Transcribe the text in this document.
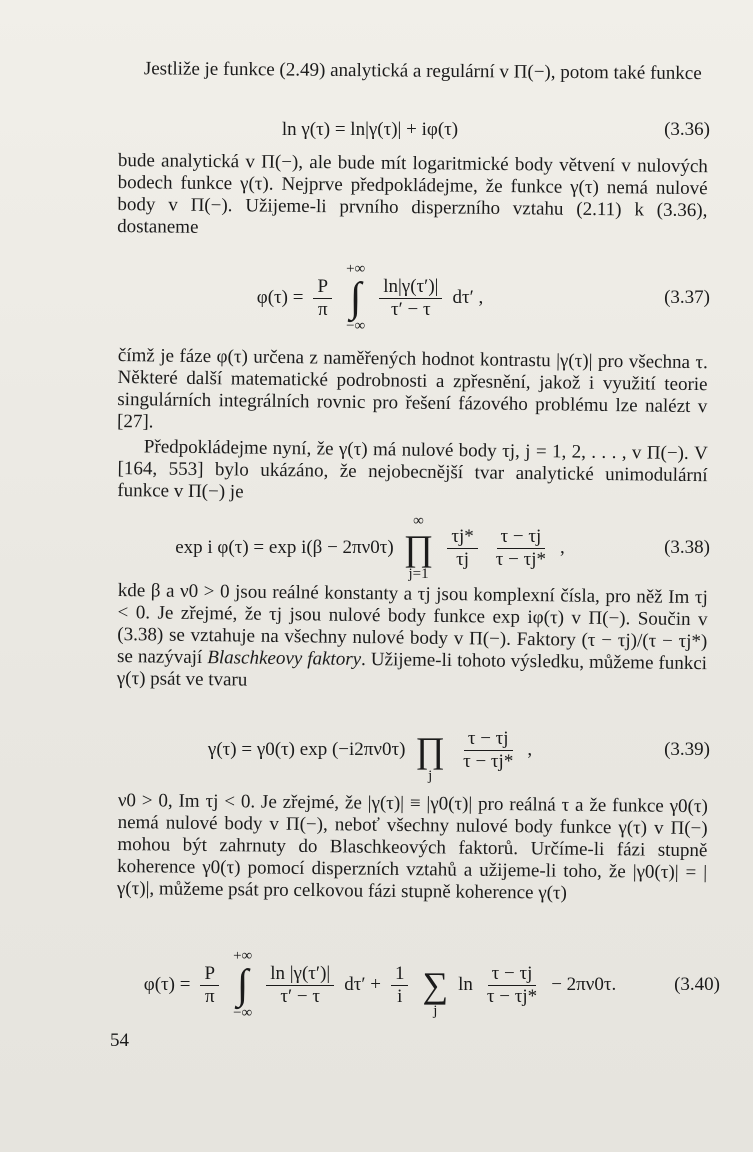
Jestliže je funkce (2.49) analytická a regulární v Π(−), potom také funkce

ln γ(τ) = ln|γ(τ)| + iφ(τ)	(3.36)

bude analytická v Π(−), ale bude mít logaritmické body větvení v nulových bodech funkce γ(τ). Nejprve předpokládejme, že funkce γ(τ) nemá nulové body v Π(−). Užijeme-li prvního disperzního vztahu (2.11) k (3.36), dostaneme

$\varphi(\tau) = \frac{P}{\pi}$
+∞
∫
−∞
$\frac{\ln|\gamma(\tau')|}{\tau' - \tau} d\tau'$ ,	(3.37)

čímž je fáze φ(τ) určena z naměřených hodnot kontrastu |γ(τ)| pro všechna τ. Některé další matematické podrobnosti a zpřesnění, jakož i využití teorie singulárních integrálních rovnic pro řešení fázového problému lze nalézt v [27].

Předpokládejme nyní, že γ(τ) má nulové body τj, j = 1, 2, . . . , v Π(−). V [164, 553] bylo ukázáno, že nejobecnější tvar analytické unimodulární funkce v Π(−) je

exp i φ(τ) = exp i(β − 2πν0τ)
∞
∏
j=1
$\frac{\tau j*}{\tau j} \frac{\tau - \tau j}{\tau - \tau j*}$ ,	(3.38)

kde β a ν0 > 0 jsou reálné konstanty a τj jsou komplexní čísla, pro něž Im τj < 0. Je zřejmé, že τj jsou nulové body funkce exp iφ(τ) v Π(−). Součin v (3.38) se vztahuje na všechny nulové body v Π(−). Faktory (τ − τj)/(τ − τj*) se nazývají Blaschkeovy faktory. Užijeme-li tohoto výsledku, můžeme funkci γ(τ) psát ve tvaru

γ(τ) = γ0(τ) exp (−i2πν0τ)
∏
j
$\frac{\tau - \tau j}{\tau - \tau j*}$ ,	(3.39)

ν0 > 0, Im τj < 0. Je zřejmé, že |γ(τ)| ≡ |γ0(τ)| pro reálná τ a že funkce γ0(τ) nemá nulové body v Π(−), neboť všechny nulové body funkce γ(τ) v Π(−) mohou být zahrnuty do Blaschkeových faktorů. Určíme-li fázi stupně koherence γ0(τ) pomocí disperzních vztahů a užijeme-li toho, že |γ0(τ)| = |γ(τ)|, můžeme psát pro celkovou fázi stupně koherence γ(τ)

$\varphi(\tau) = \frac{P}{\pi}$
+∞
∫
−∞
$\frac{\ln |\gamma(\tau')|}{\tau' - \tau} d\tau' + \frac{1}{i}$
∑
j
$\ln \frac{\tau - \tau j}{\tau - \tau j*} - 2\pi\nu 0\tau$.	(3.40)
54
